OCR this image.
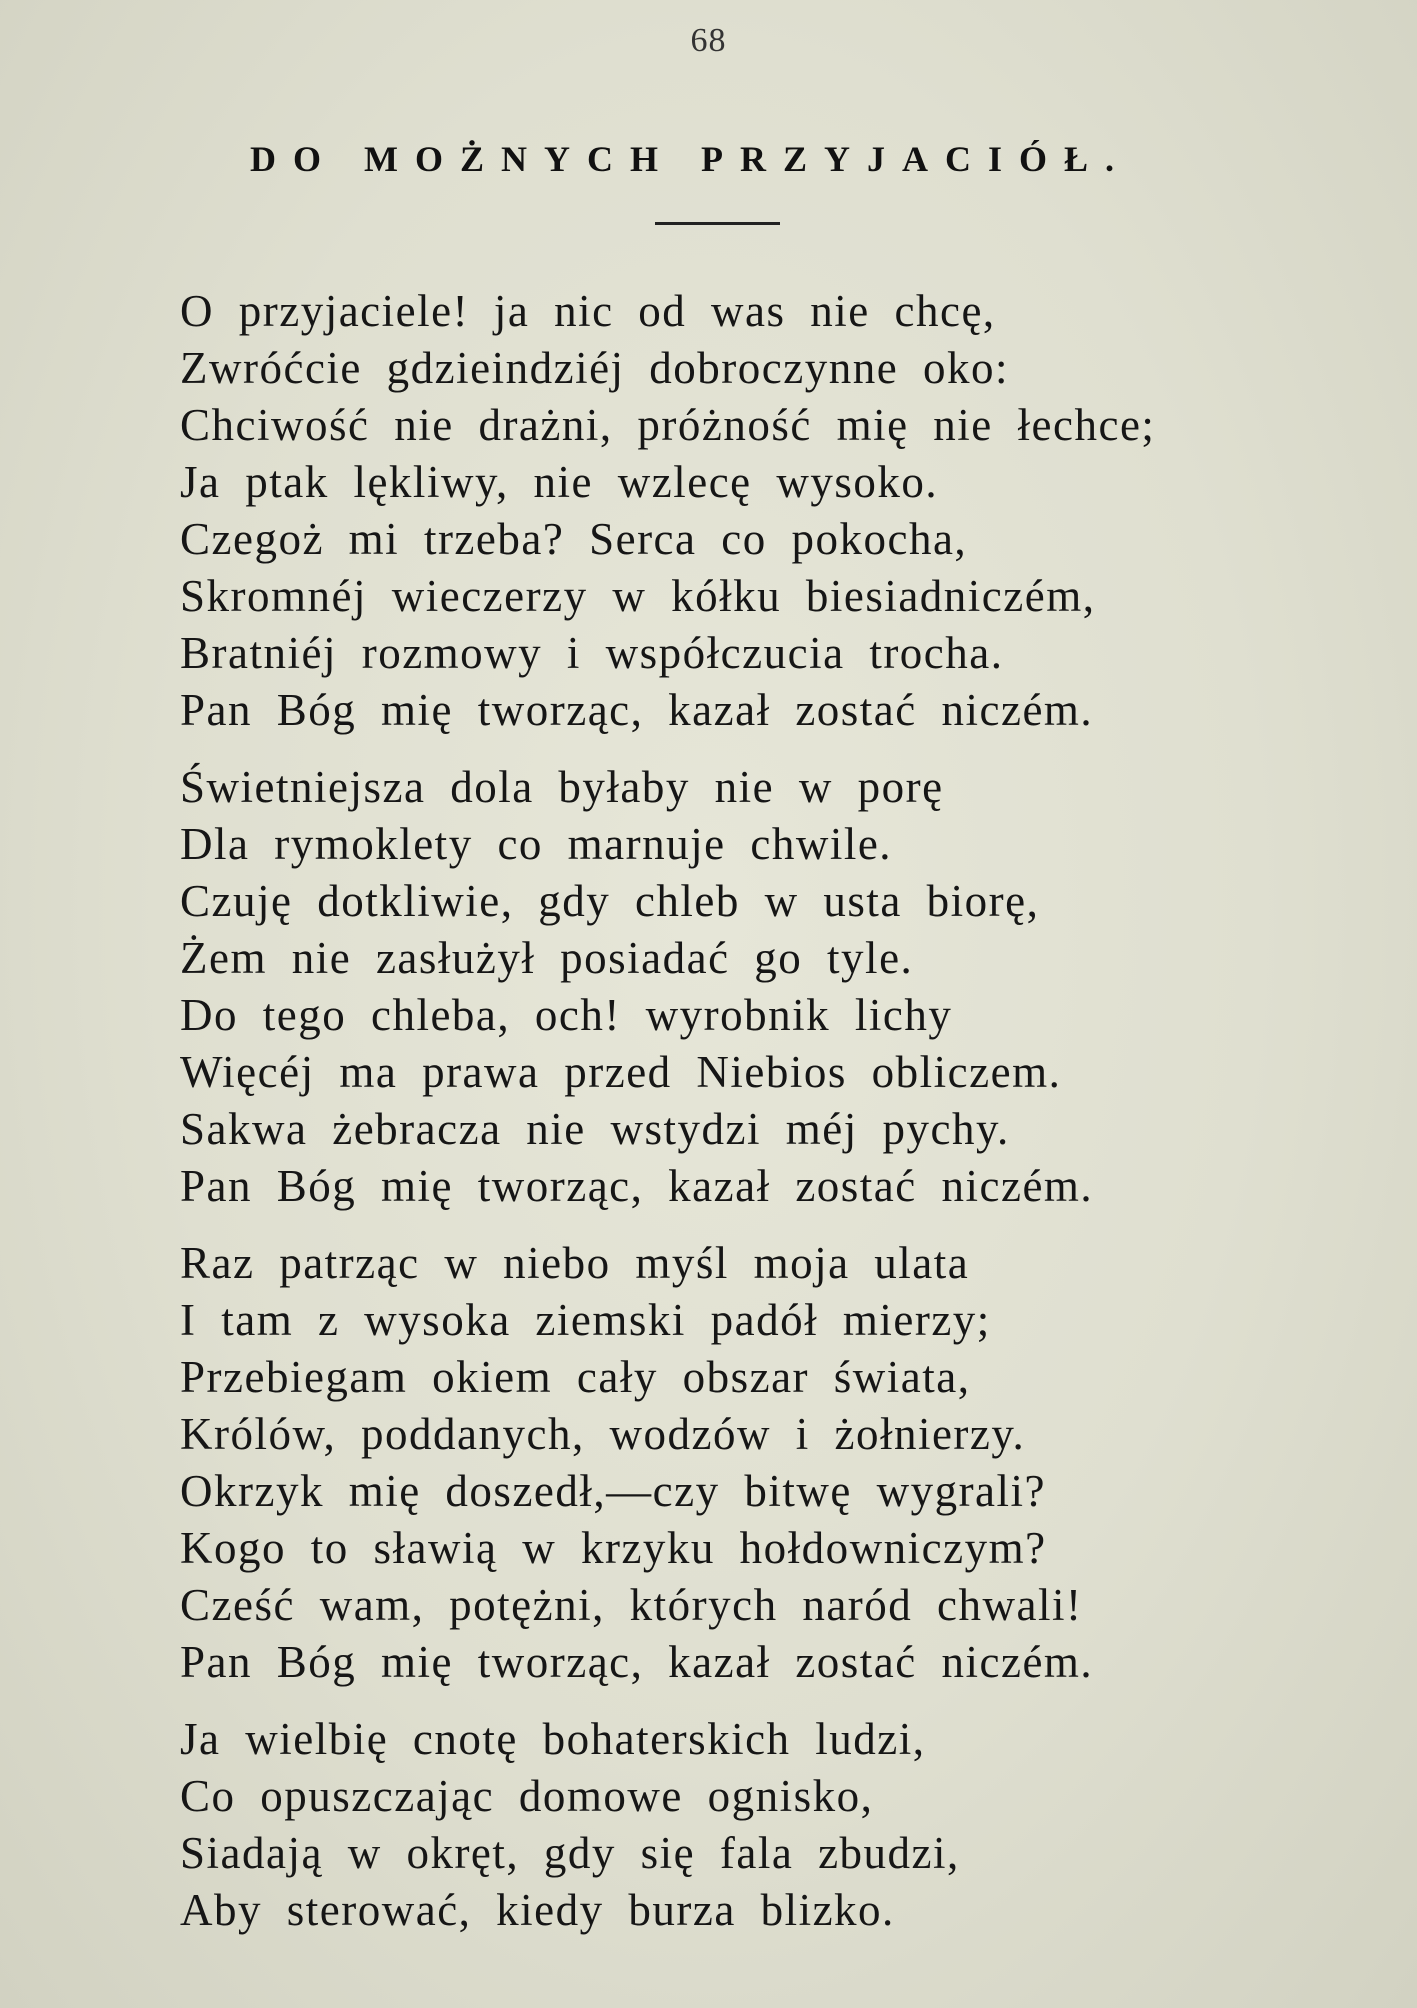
68
DO MOŻNYCH PRZYJACIÓŁ.
O przyjaciele! ja nic od was nie chcę,
Zwróćcie gdzieindziéj dobroczynne oko:
Chciwość nie drażni, próżność mię nie łechce;
Ja ptak lękliwy, nie wzlecę wysoko.
Czegoż mi trzeba? Serca co pokocha,
Skromnéj wieczerzy w kółku biesiadniczém,
Bratniéj rozmowy i współczucia trocha.
Pan Bóg mię tworząc, kazał zostać niczém.
Świetniejsza dola byłaby nie w porę
Dla rymokletу co marnuje chwile.
Czuję dotkliwie, gdy chleb w usta biorę,
Żem nie zasłużył posiadać go tyle.
Do tego chleba, och! wyrobnik lichy
Więcéj ma prawa przed Niebios obliczem.
Sakwa żebracza nie wstydzi méj pychy.
Pan Bóg mię tworząc, kazał zostać niczém.
Raz patrząc w niebo myśl moja ulata
I tam z wysoka ziemski padół mierzy;
Przebiegam okiem cały obszar świata,
Królów, poddanych, wodzów i żołnierzy.
Okrzyk mię doszedł,—czy bitwę wygrali?
Kogo to sławią w krzyku hołdowniczym?
Cześć wam, potężni, których naród chwali!
Pan Bóg mię tworząc, kazał zostać niczém.
Ja wielbię cnotę bohaterskich ludzi,
Co opuszczając domowe ognisko,
Siadają w okręt, gdy się fala zbudzi,
Aby sterować, kiedy burza blizko.
